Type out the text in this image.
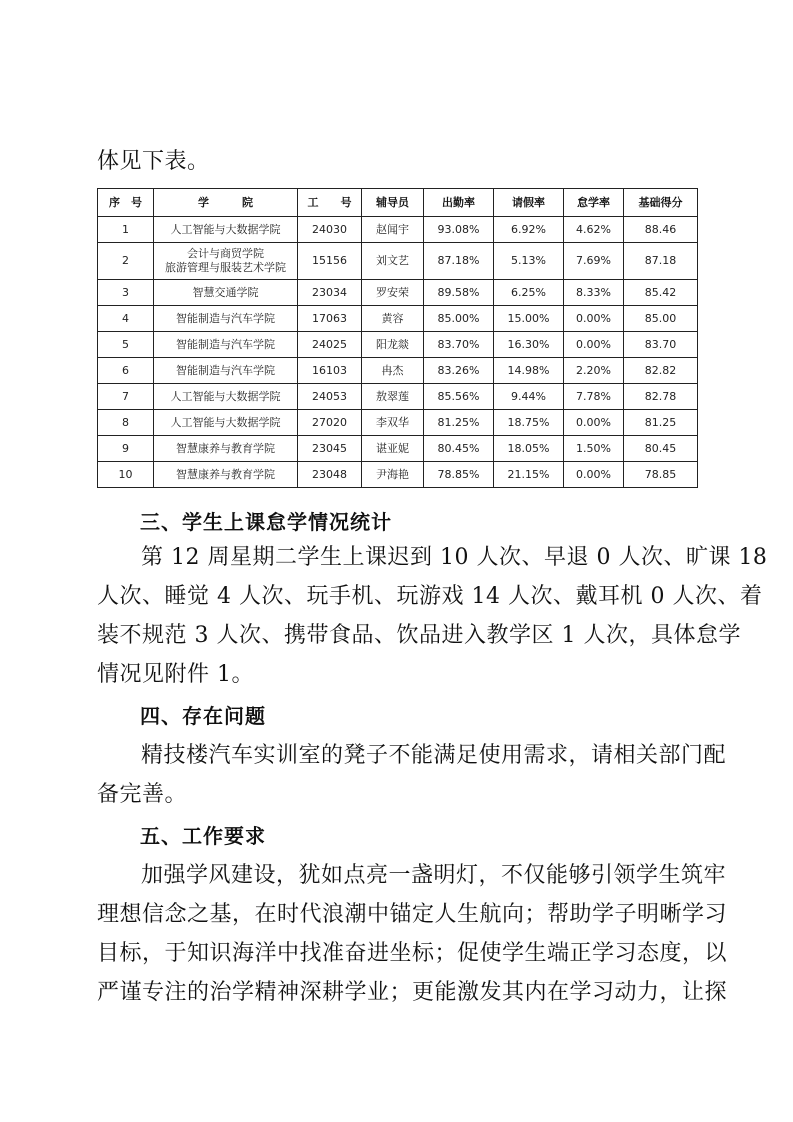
体见下表。
序　号	学　　　院	工　　号	辅导员	出勤率	请假率	怠学率	基础得分
1	人工智能与大数据学院	24030	赵闻宇	93.08%	6.92%	4.62%	88.46
2	会计与商贸学院
旅游管理与服装艺术学院	15156	刘文艺	87.18%	5.13%	7.69%	87.18
3	智慧交通学院	23034	罗安荣	89.58%	6.25%	8.33%	85.42
4	智能制造与汽车学院	17063	黄容	85.00%	15.00%	0.00%	85.00
5	智能制造与汽车学院	24025	阳龙燚	83.70%	16.30%	0.00%	83.70
6	智能制造与汽车学院	16103	冉杰	83.26%	14.98%	2.20%	82.82
7	人工智能与大数据学院	24053	敖翠莲	85.56%	9.44%	7.78%	82.78
8	人工智能与大数据学院	27020	李双华	81.25%	18.75%	0.00%	81.25
9	智慧康养与教育学院	23045	谌亚妮	80.45%	18.05%	1.50%	80.45
10	智慧康养与教育学院	23048	尹海艳	78.85%	21.15%	0.00%	78.85
三、学生上课怠学情况统计
第 12 周星期二学生上课迟到 10 人次、早退 0 人次、旷课 18
人次、睡觉 4 人次、玩手机、玩游戏 14 人次、戴耳机 0 人次、着
装不规范 3 人次、携带食品、饮品进入教学区 1 人次，具体怠学
情况见附件 1。
四、存在问题
精技楼汽车实训室的凳子不能满足使用需求，请相关部门配
备完善。
五、工作要求
加强学风建设，犹如点亮一盏明灯，不仅能够引领学生筑牢
理想信念之基，在时代浪潮中锚定人生航向；帮助学子明晰学习
目标，于知识海洋中找准奋进坐标；促使学生端正学习态度，以
严谨专注的治学精神深耕学业；更能激发其内在学习动力，让探
